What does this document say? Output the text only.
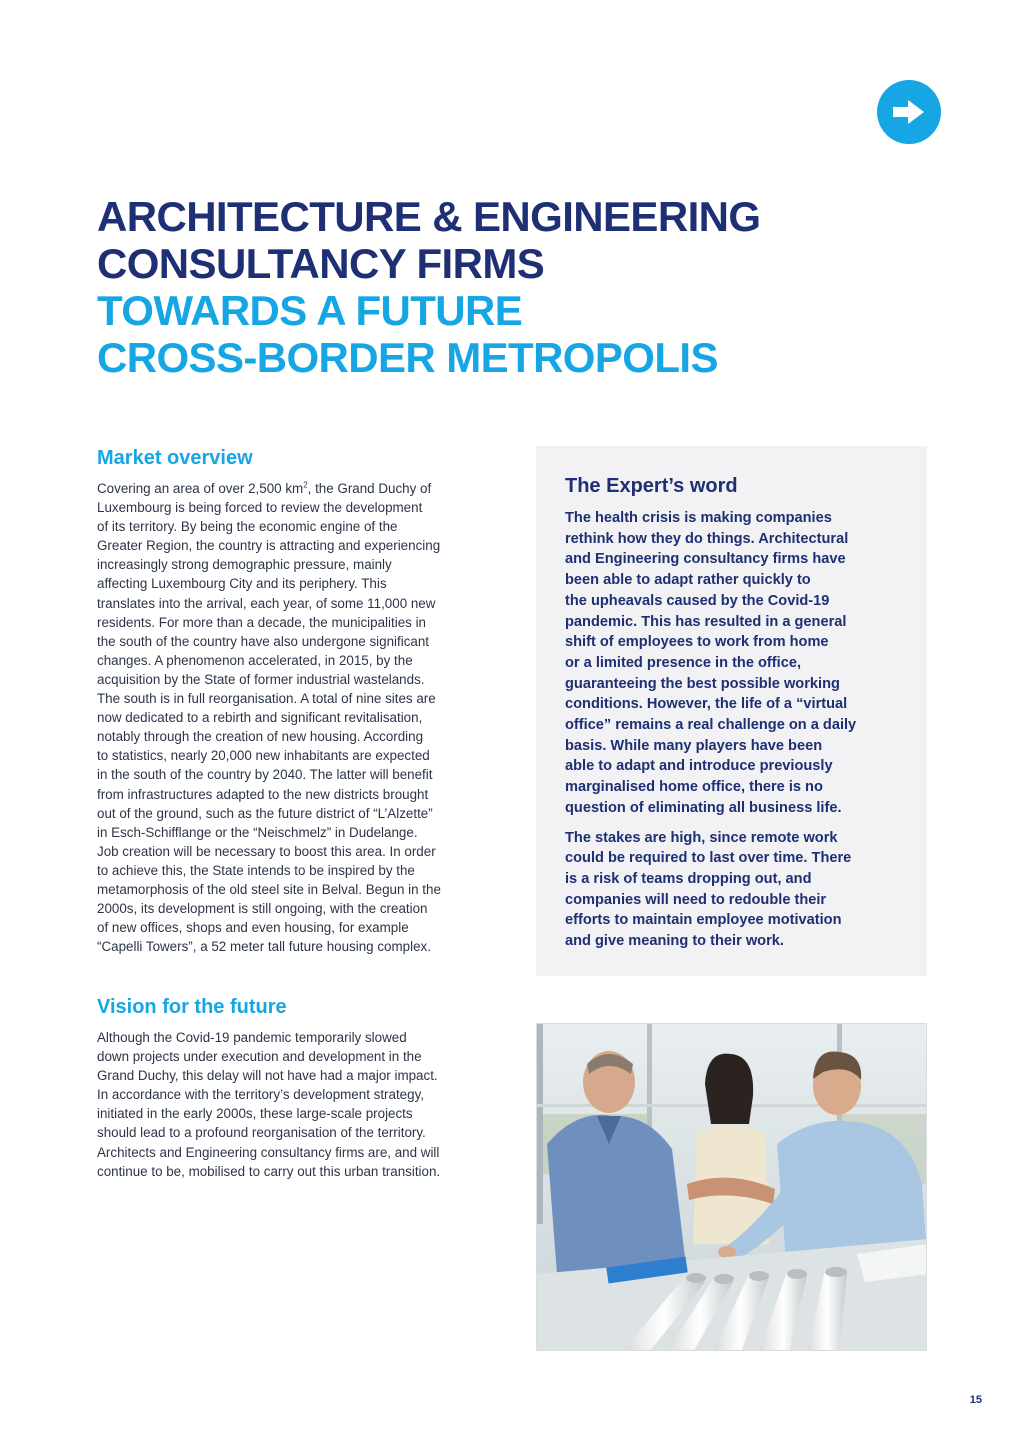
ARCHITECTURE & ENGINEERING
CONSULTANCY FIRMS
TOWARDS A FUTURE
CROSS-BORDER METROPOLIS
Market overview

Covering an area of over 2,500 $km^2$, the Grand Duchy of

Luxembourg is being forced to review the development

of its territory. By being the economic engine of the

Greater Region, the country is attracting and experiencing

increasingly strong demographic pressure, mainly

affecting Luxembourg City and its periphery. This

translates into the arrival, each year, of some 11,000 new

residents. For more than a decade, the municipalities in

the south of the country have also undergone significant

changes. A phenomenon accelerated, in 2015, by the

acquisition by the State of former industrial wastelands.

The south is in full reorganisation. A total of nine sites are

now dedicated to a rebirth and significant revitalisation,

notably through the creation of new housing. According

to statistics, nearly 20,000 new inhabitants are expected

in the south of the country by 2040. The latter will benefit

from infrastructures adapted to the new districts brought

out of the ground, such as the future district of “L’Alzette”

in Esch-Schifflange or the “Neischmelz” in Dudelange.

Job creation will be necessary to boost this area. In order

to achieve this, the State intends to be inspired by the

metamorphosis of the old steel site in Belval. Begun in the

2000s, its development is still ongoing, with the creation

of new offices, shops and even housing, for example

“Capelli Towers”, a 52 meter tall future housing complex.

The Expert’s word

The health crisis is making companies
rethink how they do things. Architectural
and Engineering consultancy firms have
been able to adapt rather quickly to
the upheavals caused by the Covid-19
pandemic. This has resulted in a general
shift of employees to work from home
or a limited presence in the office,
guaranteeing the best possible working
conditions. However, the life of a “virtual
office” remains a real challenge on a daily
basis. While many players have been
able to adapt and introduce previously
marginalised home office, there is no
question of eliminating all business life.

The stakes are high, since remote work
could be required to last over time. There
is a risk of teams dropping out, and
companies will need to redouble their
efforts to maintain employee motivation
and give meaning to their work.

Vision for the future

Although the Covid-19 pandemic temporarily slowed

down projects under execution and development in the

Grand Duchy, this delay will not have had a major impact.

In accordance with the territory’s development strategy,

initiated in the early 2000s, these large-scale projects

should lead to a profound reorganisation of the territory.

Architects and Engineering consultancy firms are, and will

continue to be, mobilised to carry out this urban transition.

15
